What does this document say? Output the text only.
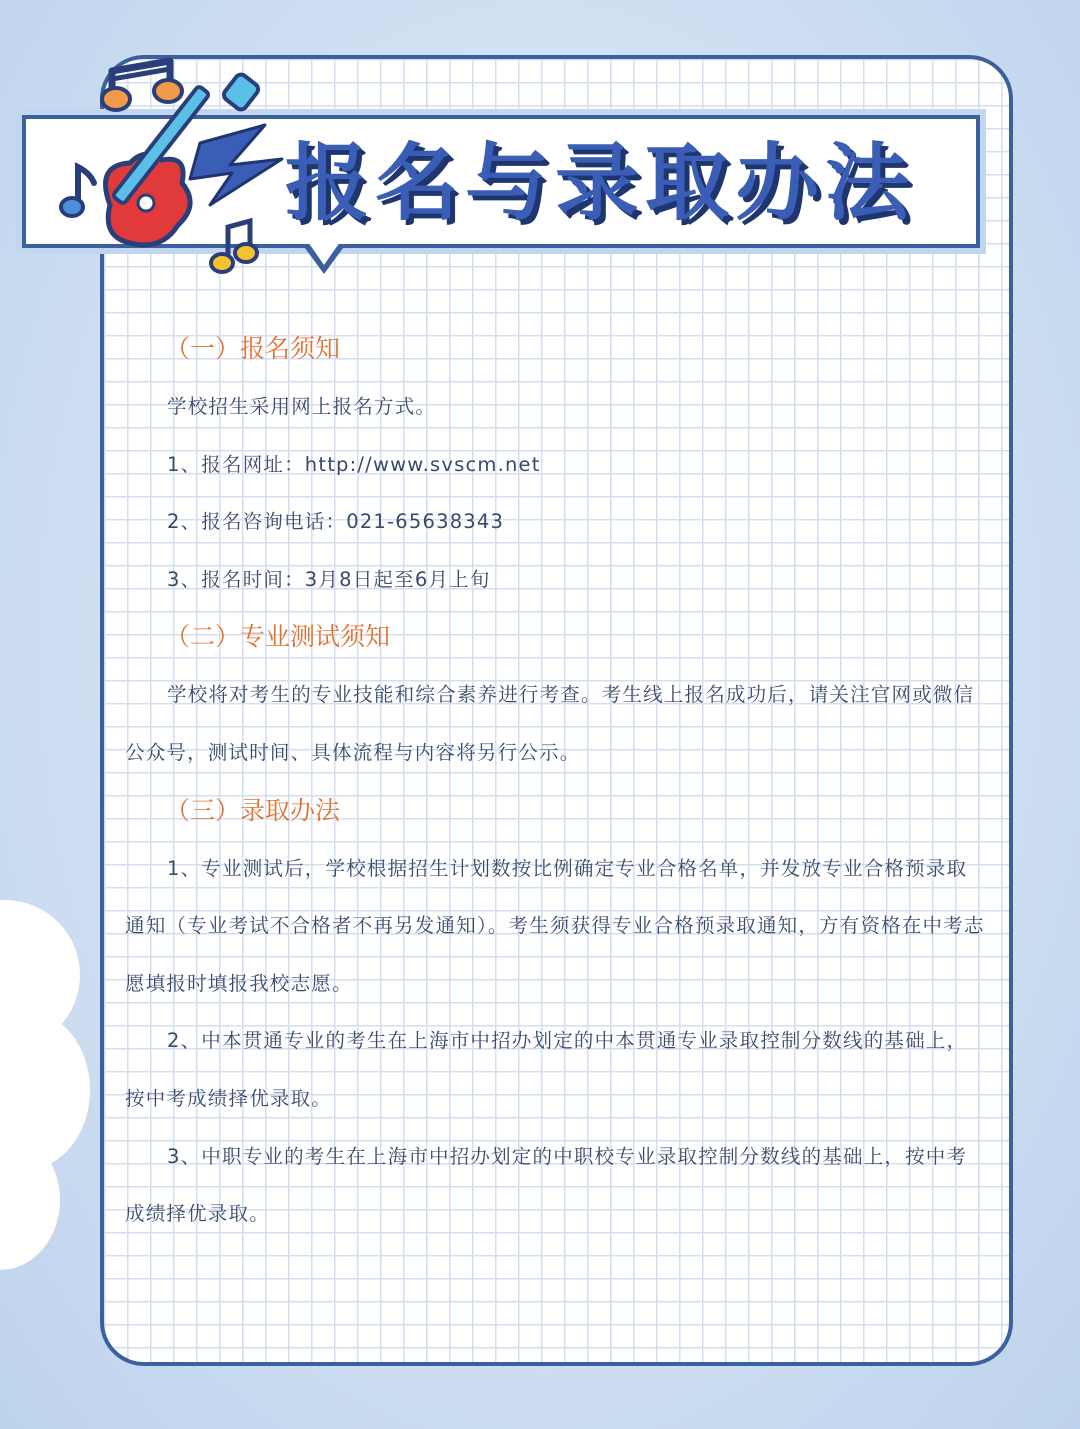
报名与录取办法
（一）报名须知
学校招生采用网上报名方式。
1、报名网址：http://www.svscm.net
2、报名咨询电话：021-65638343
3、报名时间：3月8日起至6月上旬
（二）专业测试须知
学校将对考生的专业技能和综合素养进行考查。考生线上报名成功后，请关注官网或微信公众号，测试时间、具体流程与内容将另行公示。
（三）录取办法
1、专业测试后，学校根据招生计划数按比例确定专业合格名单，并发放专业合格预录取通知（专业考试不合格者不再另发通知）。考生须获得专业合格预录取通知，方有资格在中考志愿填报时填报我校志愿。
2、中本贯通专业的考生在上海市中招办划定的中本贯通专业录取控制分数线的基础上，按中考成绩择优录取。
3、中职专业的考生在上海市中招办划定的中职校专业录取控制分数线的基础上，按中考成绩择优录取。
